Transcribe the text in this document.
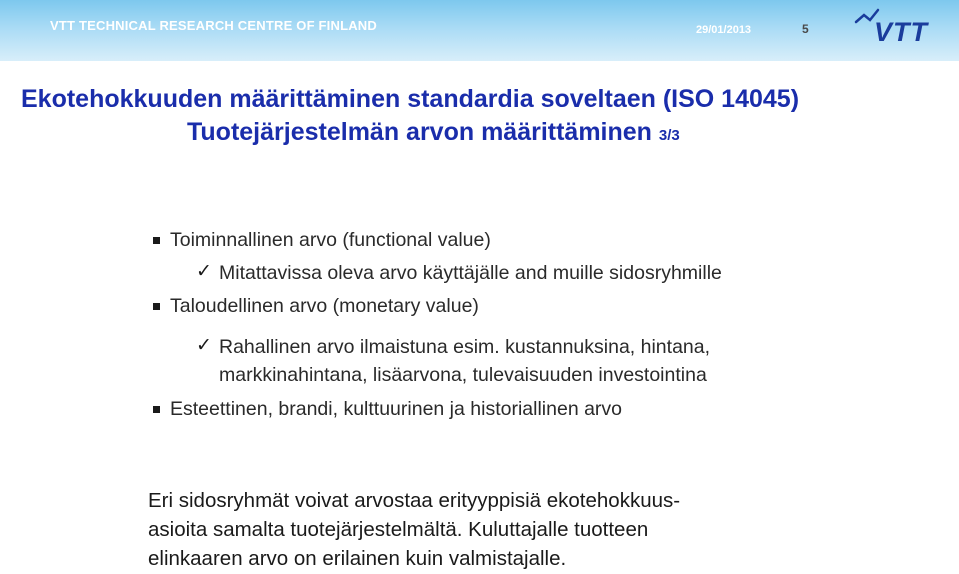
VTT TECHNICAL RESEARCH CENTRE OF FINLAND	29/01/2013	5 VTT
Ekotehokkuuden määrittäminen standardia soveltaen (ISO 14045)
Tuotejärjestelmän arvon määrittäminen 3/3
Toiminnallinen arvo (functional value)
✓ Mitattavissa oleva arvo käyttäjälle and muille sidosryhmille
Taloudellinen arvo (monetary value)
✓ Rahallinen arvo ilmaistuna esim. kustannuksina, hintana,
markkinahintana, lisäarvona, tulevaisuuden investointina
Esteettinen, brandi, kulttuurinen ja historiallinen arvo
Eri sidosryhmät voivat arvostaa erityyppisiä ekotehokkuus-
asioita samalta tuotejärjestelmältä. Kuluttajalle tuotteen
elinkaaren arvo on erilainen kuin valmistajalle.
